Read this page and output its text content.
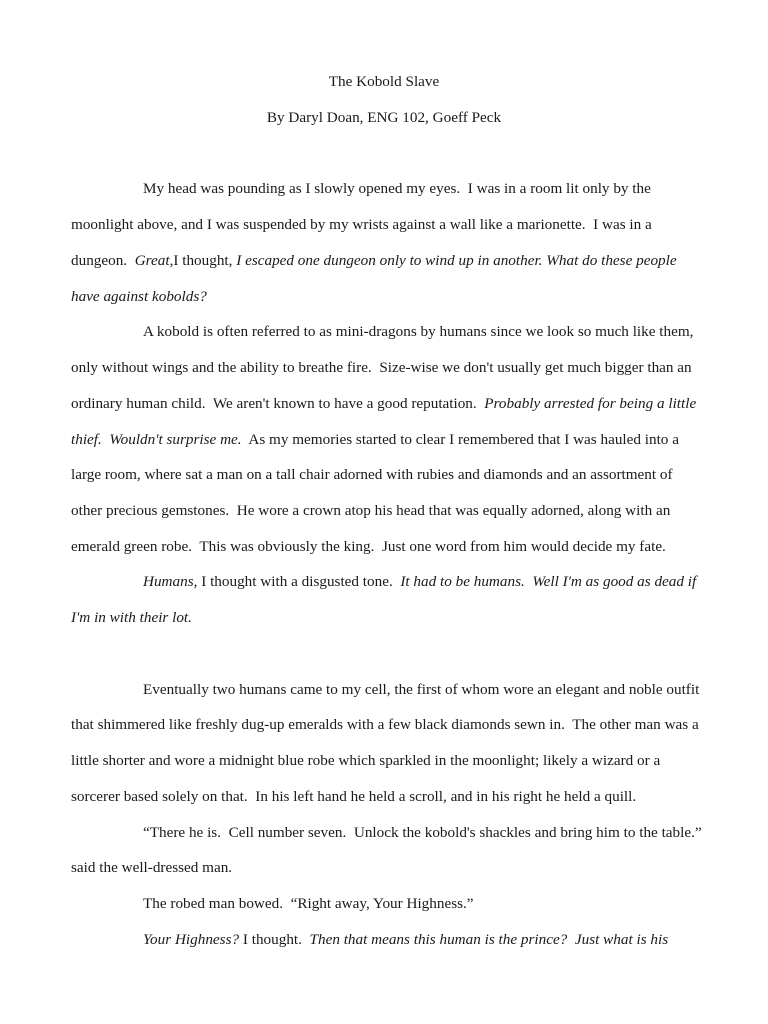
The Kobold Slave
By Daryl Doan, ENG 102, Goeff Peck
My head was pounding as I slowly opened my eyes.  I was in a room lit only by the
moonlight above, and I was suspended by my wrists against a wall like a marionette.  I was in a
dungeon.  Great,I thought, I escaped one dungeon only to wind up in another. What do these people
have against kobolds?
A kobold is often referred to as mini-dragons by humans since we look so much like them,
only without wings and the ability to breathe fire.  Size-wise we don't usually get much bigger than an
ordinary human child.  We aren't known to have a good reputation.  Probably arrested for being a little
thief.  Wouldn't surprise me.  As my memories started to clear I remembered that I was hauled into a
large room, where sat a man on a tall chair adorned with rubies and diamonds and an assortment of
other precious gemstones.  He wore a crown atop his head that was equally adorned, along with an
emerald green robe.  This was obviously the king.  Just one word from him would decide my fate.
Humans, I thought with a disgusted tone.  It had to be humans.  Well I'm as good as dead if
I'm in with their lot.
Eventually two humans came to my cell, the first of whom wore an elegant and noble outfit
that shimmered like freshly dug-up emeralds with a few black diamonds sewn in.  The other man was a
little shorter and wore a midnight blue robe which sparkled in the moonlight; likely a wizard or a
sorcerer based solely on that.  In his left hand he held a scroll, and in his right he held a quill.
“There he is.  Cell number seven.  Unlock the kobold's shackles and bring him to the table.”
said the well-dressed man.
The robed man bowed.  “Right away, Your Highness.”
Your Highness? I thought.  Then that means this human is the prince?  Just what is his
